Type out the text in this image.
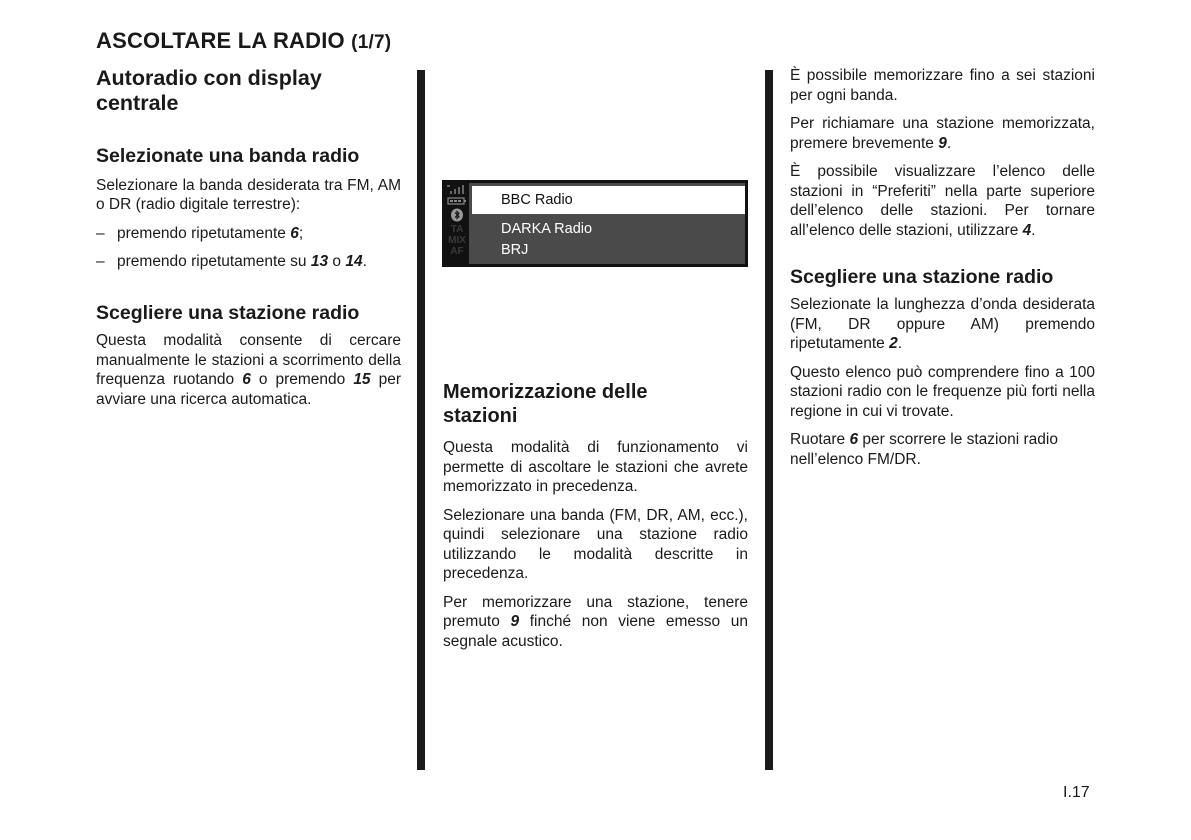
ASCOLTARE LA RADIO (1/7)
Autoradio con display centrale
Selezionate una banda radio

Selezionare la banda desiderata tra FM, AM o DR (radio digitale terrestre):

– premendo ripetutamente 6;
– premendo ripetutamente su 13 o 14.
Scegliere una stazione radio

Questa modalità consente di cercare manualmente le stazioni a scorrimento della frequenza ruotando 6 o premendo 15 per avviare una ricerca automatica.

TA
MIX
AF
BBC Radio
DARKA Radio
BRJ
Memorizzazione delle stazioni

Questa modalità di funzionamento vi permette di ascoltare le stazioni che avrete memorizzato in precedenza.

Selezionare una banda (FM, DR, AM, ecc.), quindi selezionare una stazione radio utilizzando le modalità descritte in precedenza.

Per memorizzare una stazione, tenere premuto 9 finché non viene emesso un segnale acustico.

È possibile memorizzare fino a sei stazioni per ogni banda.

Per richiamare una stazione memorizzata, premere brevemente 9.

È possibile visualizzare l’elenco delle stazioni in “Preferiti” nella parte superiore dell’elenco delle stazioni. Per tornare all’elenco delle stazioni, utilizzare 4.

Scegliere una stazione radio

Selezionate la lunghezza d’onda desiderata (FM, DR oppure AM) premendo ripetutamente 2.

Questo elenco può comprendere fino a 100 stazioni radio con le frequenze più forti nella regione in cui vi trovate.

Ruotare 6 per scorrere le stazioni radio nell’elenco FM/DR.

I.17
